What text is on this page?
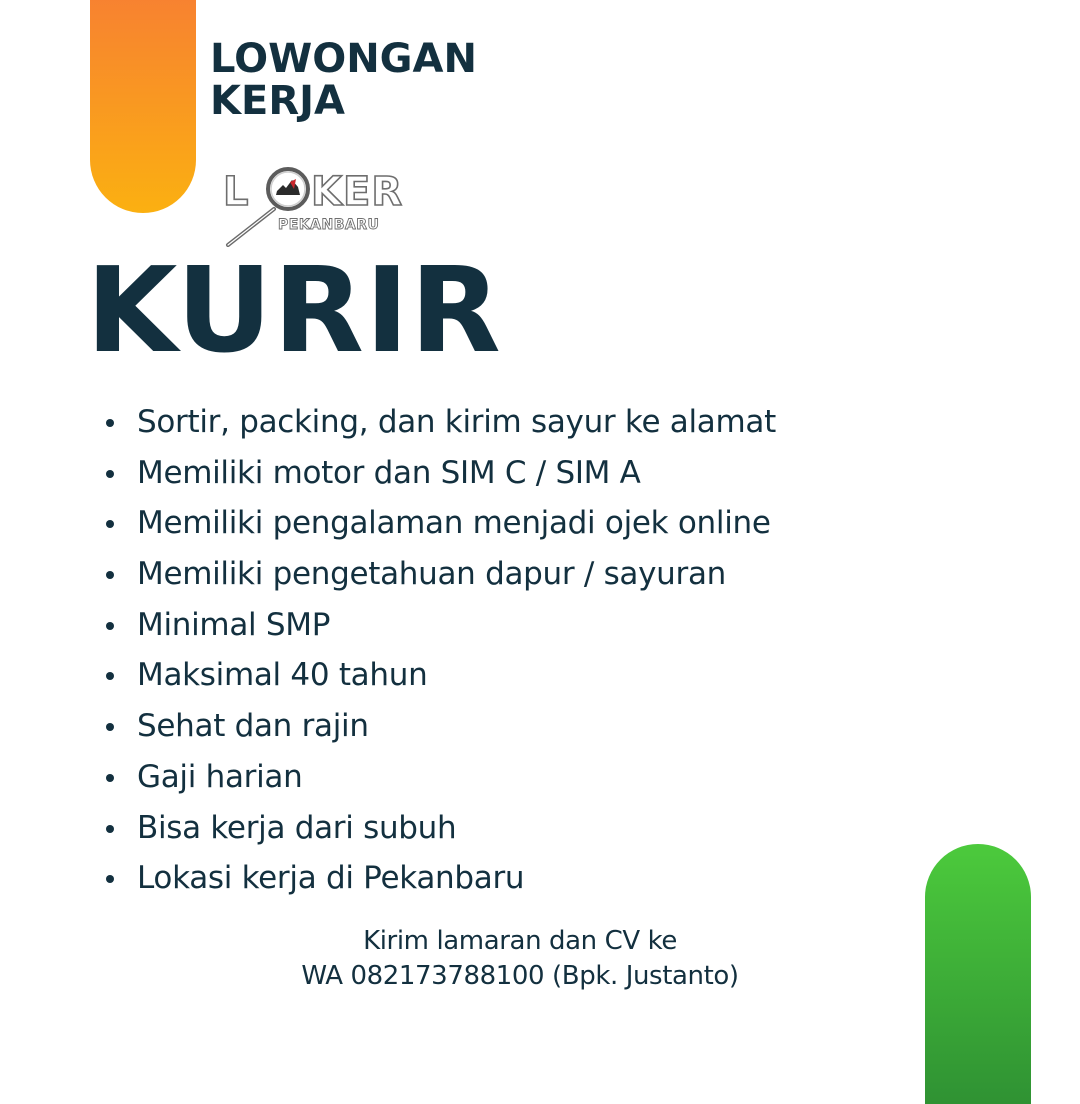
LOWONGAN
KERJA
L KER
PEKANBARU
KURIR
Sortir, packing, dan kirim sayur ke alamat
Memiliki motor dan SIM C / SIM A
Memiliki pengalaman menjadi ojek online
Memiliki pengetahuan dapur / sayuran
Minimal SMP
Maksimal 40 tahun
Sehat dan rajin
Gaji harian
Bisa kerja dari subuh
Lokasi kerja di Pekanbaru
Kirim lamaran dan CV ke
WA 082173788100 (Bpk. Justanto)
